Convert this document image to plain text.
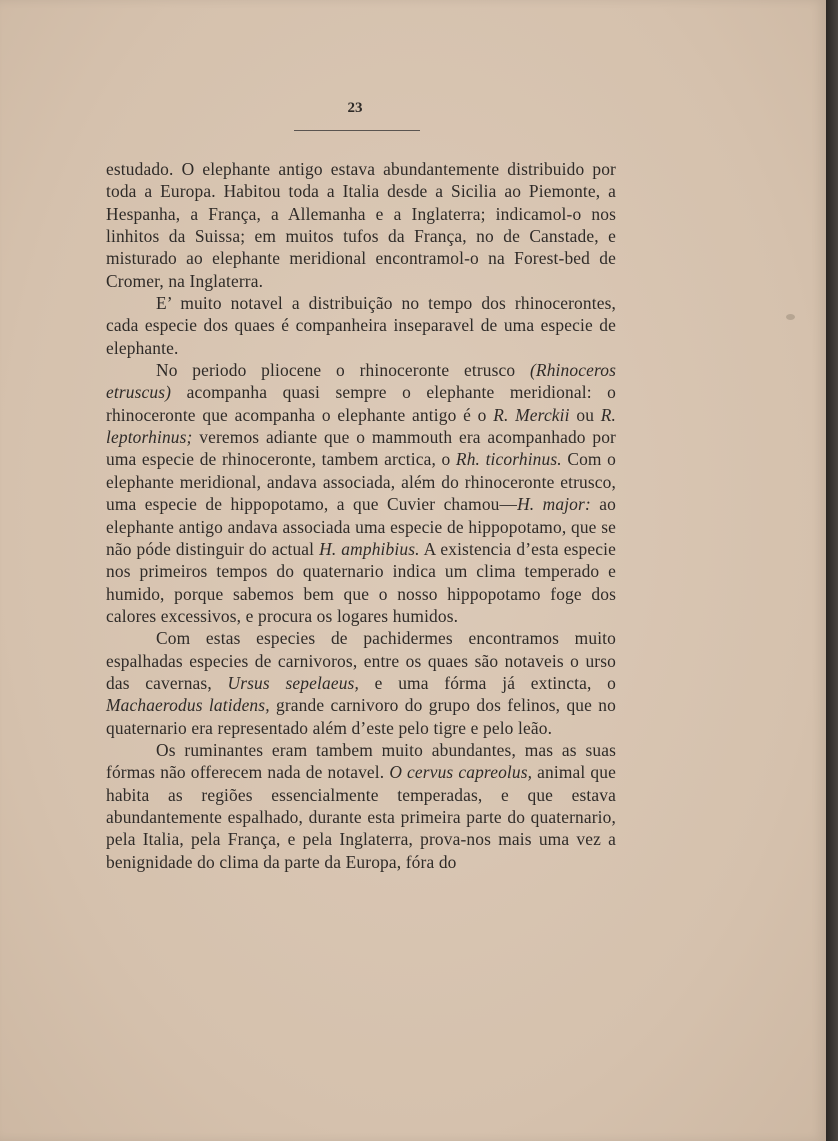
23

estudado. O elephante antigo estava abundantemente distribuido por toda a Europa. Habitou toda a Italia desde a Sicilia ao Piemonte, a Hespanha, a França, a Allemanha e a Inglaterra; indicamol-o nos linhitos da Suissa; em muitos tufos da França, no de Canstade, e misturado ao elephante meridional encontramol-o na Forest-bed de Cromer, na Inglaterra.

E’ muito notavel a distribuição no tempo dos rhinocerontes, cada especie dos quaes é companheira inseparavel de uma especie de elephante.

No periodo pliocene o rhinoceronte etrusco (Rhinoceros etruscus) acompanha quasi sempre o elephante meridional: o rhinoceronte que acompanha o elephante antigo é o R. Merckii ou R. leptorhinus; veremos adiante que o mammouth era acompanhado por uma especie de rhinoceronte, tambem arctica, o Rh. ticorhinus. Com o elephante meridional, andava associada, além do rhinoceronte etrusco, uma especie de hippopotamo, a que Cuvier chamou—H. major: ao elephante antigo andava associada uma especie de hippopotamo, que se não póde distinguir do actual H. amphibius. A existencia d’esta especie nos primeiros tempos do quaternario indica um clima temperado e humido, porque sabemos bem que o nosso hippopotamo foge dos calores excessivos, e procura os logares humidos.

Com estas especies de pachidermes encontramos muito espalhadas especies de carnivoros, entre os quaes são notaveis o urso das cavernas, Ursus sepelaeus, e uma fórma já extincta, o Machaerodus latidens, grande carnivoro do grupo dos felinos, que no quaternario era representado além d’este pelo tigre e pelo leão.

Os ruminantes eram tambem muito abundantes, mas as suas fórmas não offerecem nada de notavel. O cervus capreolus, animal que habita as regiões essencialmente temperadas, e que estava abundantemente espalhado, durante esta primeira parte do quaternario, pela Italia, pela França, e pela Inglaterra, prova-nos mais uma vez a benignidade do clima da parte da Europa, fóra do
